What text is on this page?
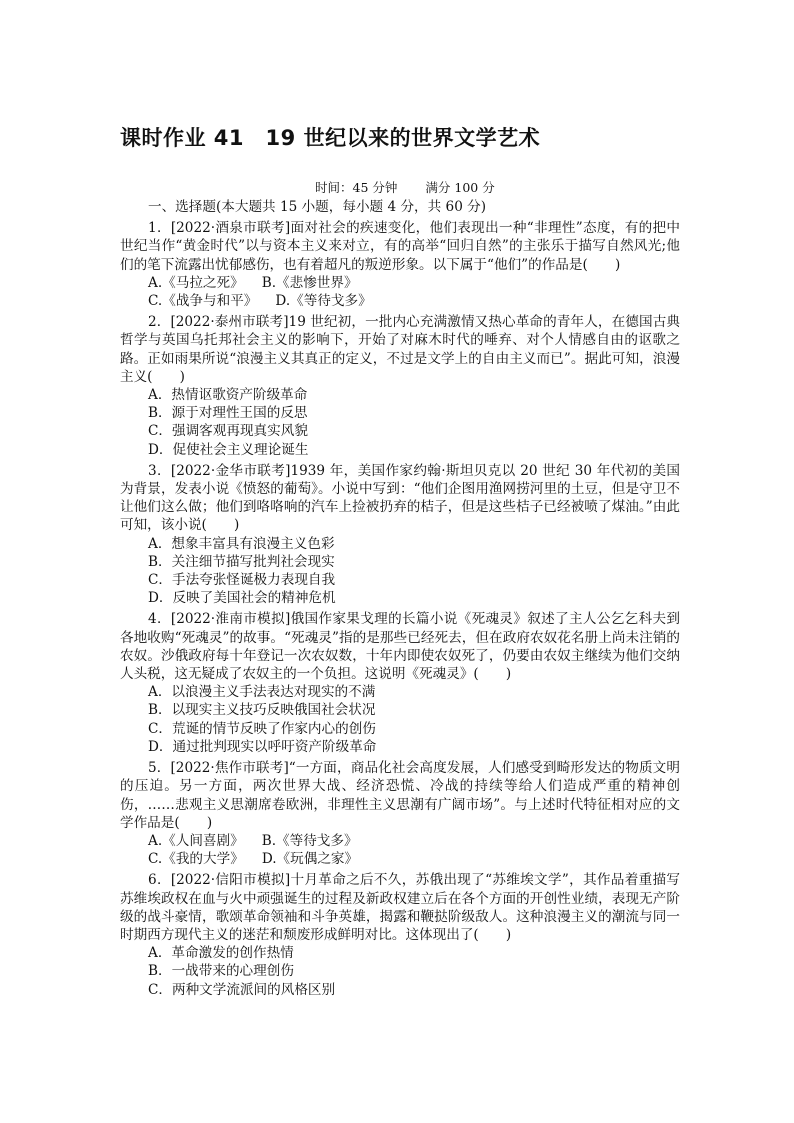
课时作业 41　19 世纪以来的世界文学艺术
时间：45 分钟 满分 100 分
一、选择题(本大题共 15 小题，每小题 4 分，共 60 分)
1．[2022·酒泉市联考]面对社会的疾速变化，他们表现出一种“非理性”态度，有的把中世纪当作“黄金时代”以与资本主义来对立，有的高举“回归自然”的主张乐于描写自然风光;他们的笔下流露出忧郁感伤，也有着超凡的叛逆形象。以下属于“他们”的作品是(　　)
A.《马拉之死》 B.《悲惨世界》
C.《战争与和平》 D.《等待戈多》
2．[2022·泰州市联考]19 世纪初，一批内心充满激情又热心革命的青年人，在德国古典哲学与英国乌托邦社会主义的影响下，开始了对麻木时代的唾弃、对个人情感自由的讴歌之路。正如雨果所说“浪漫主义其真正的定义，不过是文学上的自由主义而已”。据此可知，浪漫主义(　　)
A．热情讴歌资产阶级革命
B．源于对理性王国的反思
C．强调客观再现真实风貌
D．促使社会主义理论诞生
3．[2022·金华市联考]1939 年，美国作家约翰·斯坦贝克以 20 世纪 30 年代初的美国为背景，发表小说《愤怒的葡萄》。小说中写到：“他们企图用渔网捞河里的土豆，但是守卫不让他们这么做；他们到咯咯响的汽车上捡被扔弃的桔子，但是这些桔子已经被喷了煤油。”由此可知，该小说(　　)
A．想象丰富具有浪漫主义色彩
B．关注细节描写批判社会现实
C．手法夸张怪诞极力表现自我
D．反映了美国社会的精神危机
4．[2022·淮南市模拟]俄国作家果戈理的长篇小说《死魂灵》叙述了主人公乞乞科夫到各地收购“死魂灵”的故事。“死魂灵”指的是那些已经死去，但在政府农奴花名册上尚未注销的农奴。沙俄政府每十年登记一次农奴数，十年内即使农奴死了，仍要由农奴主继续为他们交纳人头税，这无疑成了农奴主的一个负担。这说明《死魂灵》(　　)
A．以浪漫主义手法表达对现实的不满
B．以现实主义技巧反映俄国社会状况
C．荒诞的情节反映了作家内心的创伤
D．通过批判现实以呼吁资产阶级革命
5．[2022·焦作市联考]“一方面，商品化社会高度发展，人们感受到畸形发达的物质文明的压迫。另一方面，两次世界大战、经济恐慌、冷战的持续等给人们造成严重的精神创伤，……悲观主义思潮席卷欧洲，非理性主义思潮有广阔市场”。与上述时代特征相对应的文学作品是(　　)
A.《人间喜剧》 B.《等待戈多》
C.《我的大学》 D.《玩偶之家》
6．[2022·信阳市模拟]十月革命之后不久，苏俄出现了“苏维埃文学”，其作品着重描写苏维埃政权在血与火中顽强诞生的过程及新政权建立后在各个方面的开创性业绩，表现无产阶级的战斗豪情，歌颂革命领袖和斗争英雄，揭露和鞭挞阶级敌人。这种浪漫主义的潮流与同一时期西方现代主义的迷茫和颓废形成鲜明对比。这体现出了(　　)
A．革命激发的创作热情
B．一战带来的心理创伤
C．两种文学流派间的风格区别
